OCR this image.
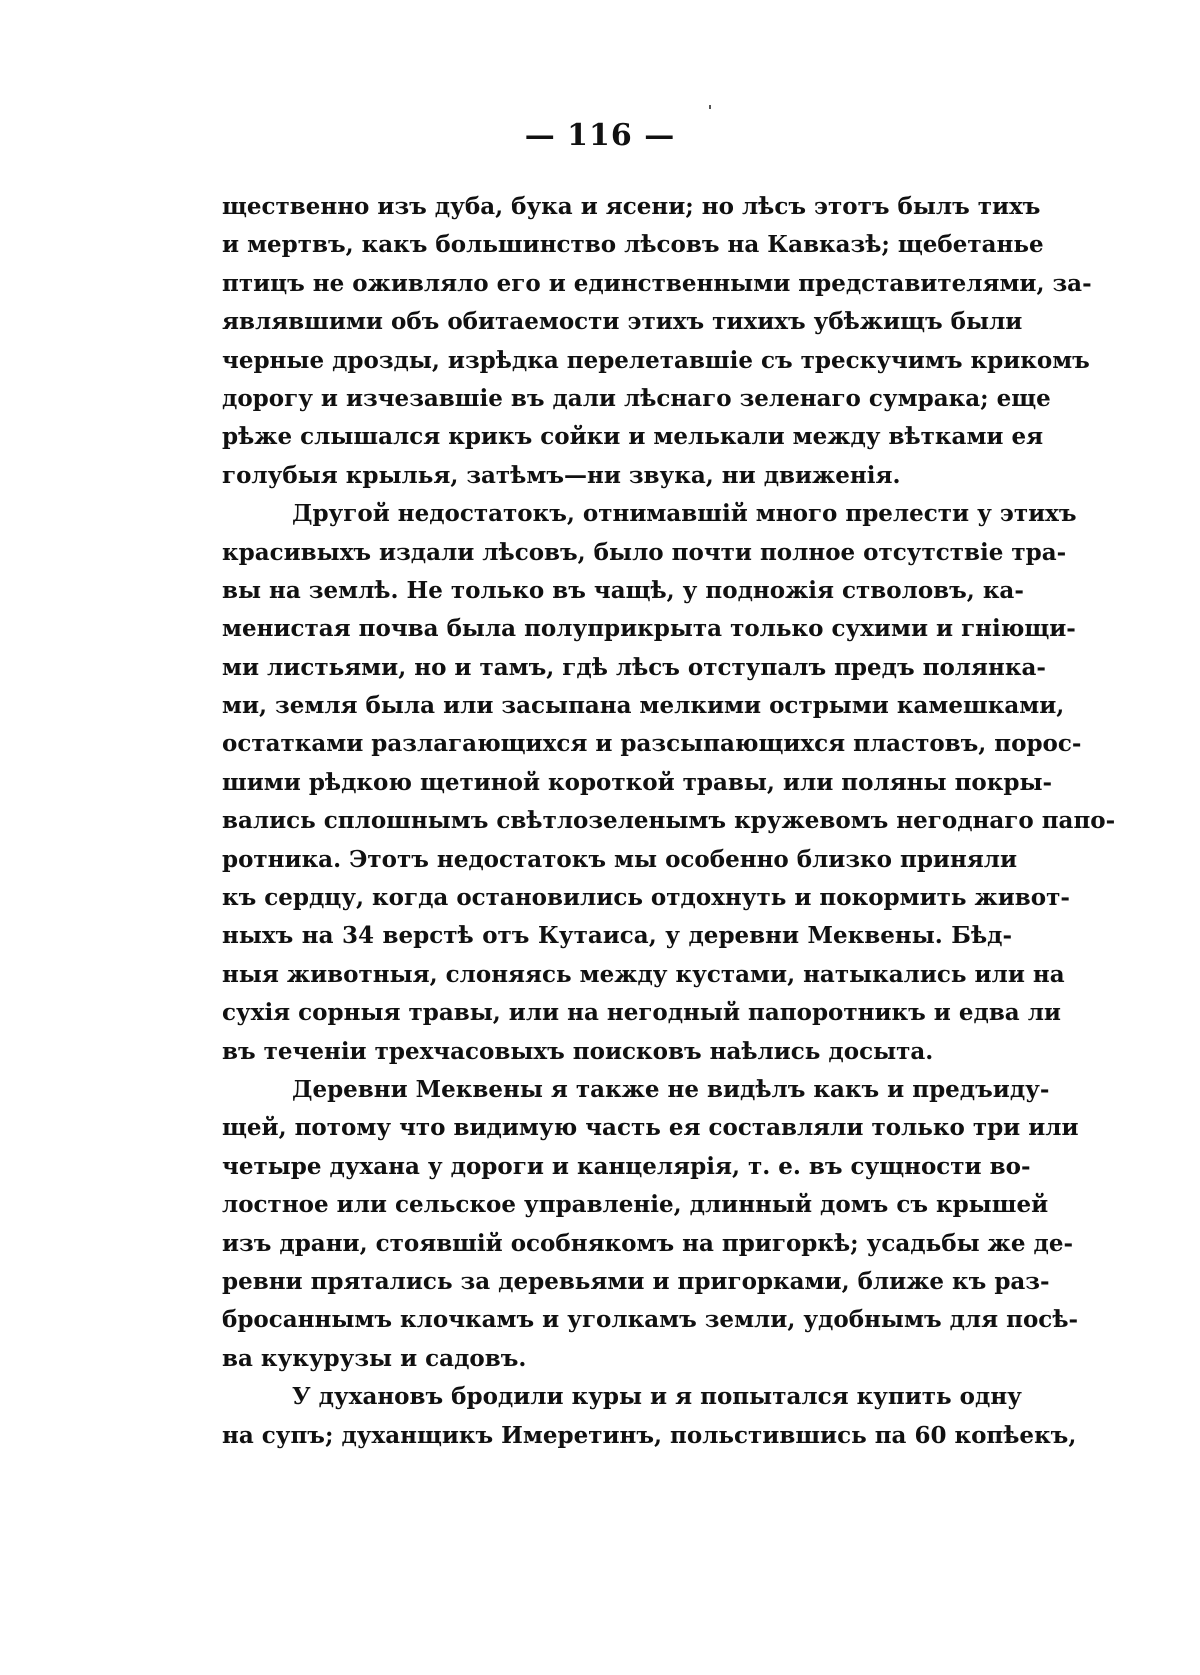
— 116 —
щественно изъ дуба, бука и ясени; но лѣсъ этотъ былъ тихъ
и мертвъ, какъ большинство лѣсовъ на Кавказѣ; щебетанье
птицъ не оживляло его и единственными представителями, за-
являвшими объ обитаемости этихъ тихихъ убѣжищъ были
черные дрозды, изрѣдка перелетавшіе съ трескучимъ крикомъ
дорогу и изчезавшіе въ дали лѣснаго зеленаго сумрака; еще
рѣже слышался крикъ сойки и мелькали между вѣтками ея
голубыя крылья, затѣмъ—ни звука, ни движенія.
Другой недостатокъ, отнимавшій много прелести у этихъ
красивыхъ издали лѣсовъ, было почти полное отсутствіе тра-
вы на землѣ. Не только въ чащѣ, у подножія стволовъ, ка-
менистая почва была полуприкрыта только сухими и гніющи-
ми листьями, но и тамъ, гдѣ лѣсъ отступалъ предъ полянка-
ми, земля была или засыпана мелкими острыми камешками,
остатками разлагающихся и разсыпающихся пластовъ, порос-
шими рѣдкою щетиной короткой травы, или поляны покры-
вались сплошнымъ свѣтлозеленымъ кружевомъ негоднаго папо-
ротника. Этотъ недостатокъ мы особенно близко приняли
къ сердцу, когда остановились отдохнуть и покормить живот-
ныхъ на 34 верстѣ отъ Кутаиса, у деревни Меквены. Бѣд-
ныя животныя, слоняясь между кустами, натыкались или на
сухія сорныя травы, или на негодный папоротникъ и едва ли
въ теченіи трехчасовыхъ поисковъ наѣлись досыта.
Деревни Меквены я также не видѣлъ какъ и предъиду-
щей, потому что видимую часть ея составляли только три или
четыре духана у дороги и канцелярія, т. е. въ сущности во-
лостное или сельское управленіе, длинный домъ съ крышей
изъ драни, стоявшій особнякомъ на пригоркѣ; усадьбы же де-
ревни прятались за деревьями и пригорками, ближе къ раз-
бросаннымъ клочкамъ и уголкамъ земли, удобнымъ для посѣ-
ва кукурузы и садовъ.
У духановъ бродили куры и я попытался купить одну
на супъ; духанщикъ Имеретинъ, польстившись па 60 копѣекъ,
